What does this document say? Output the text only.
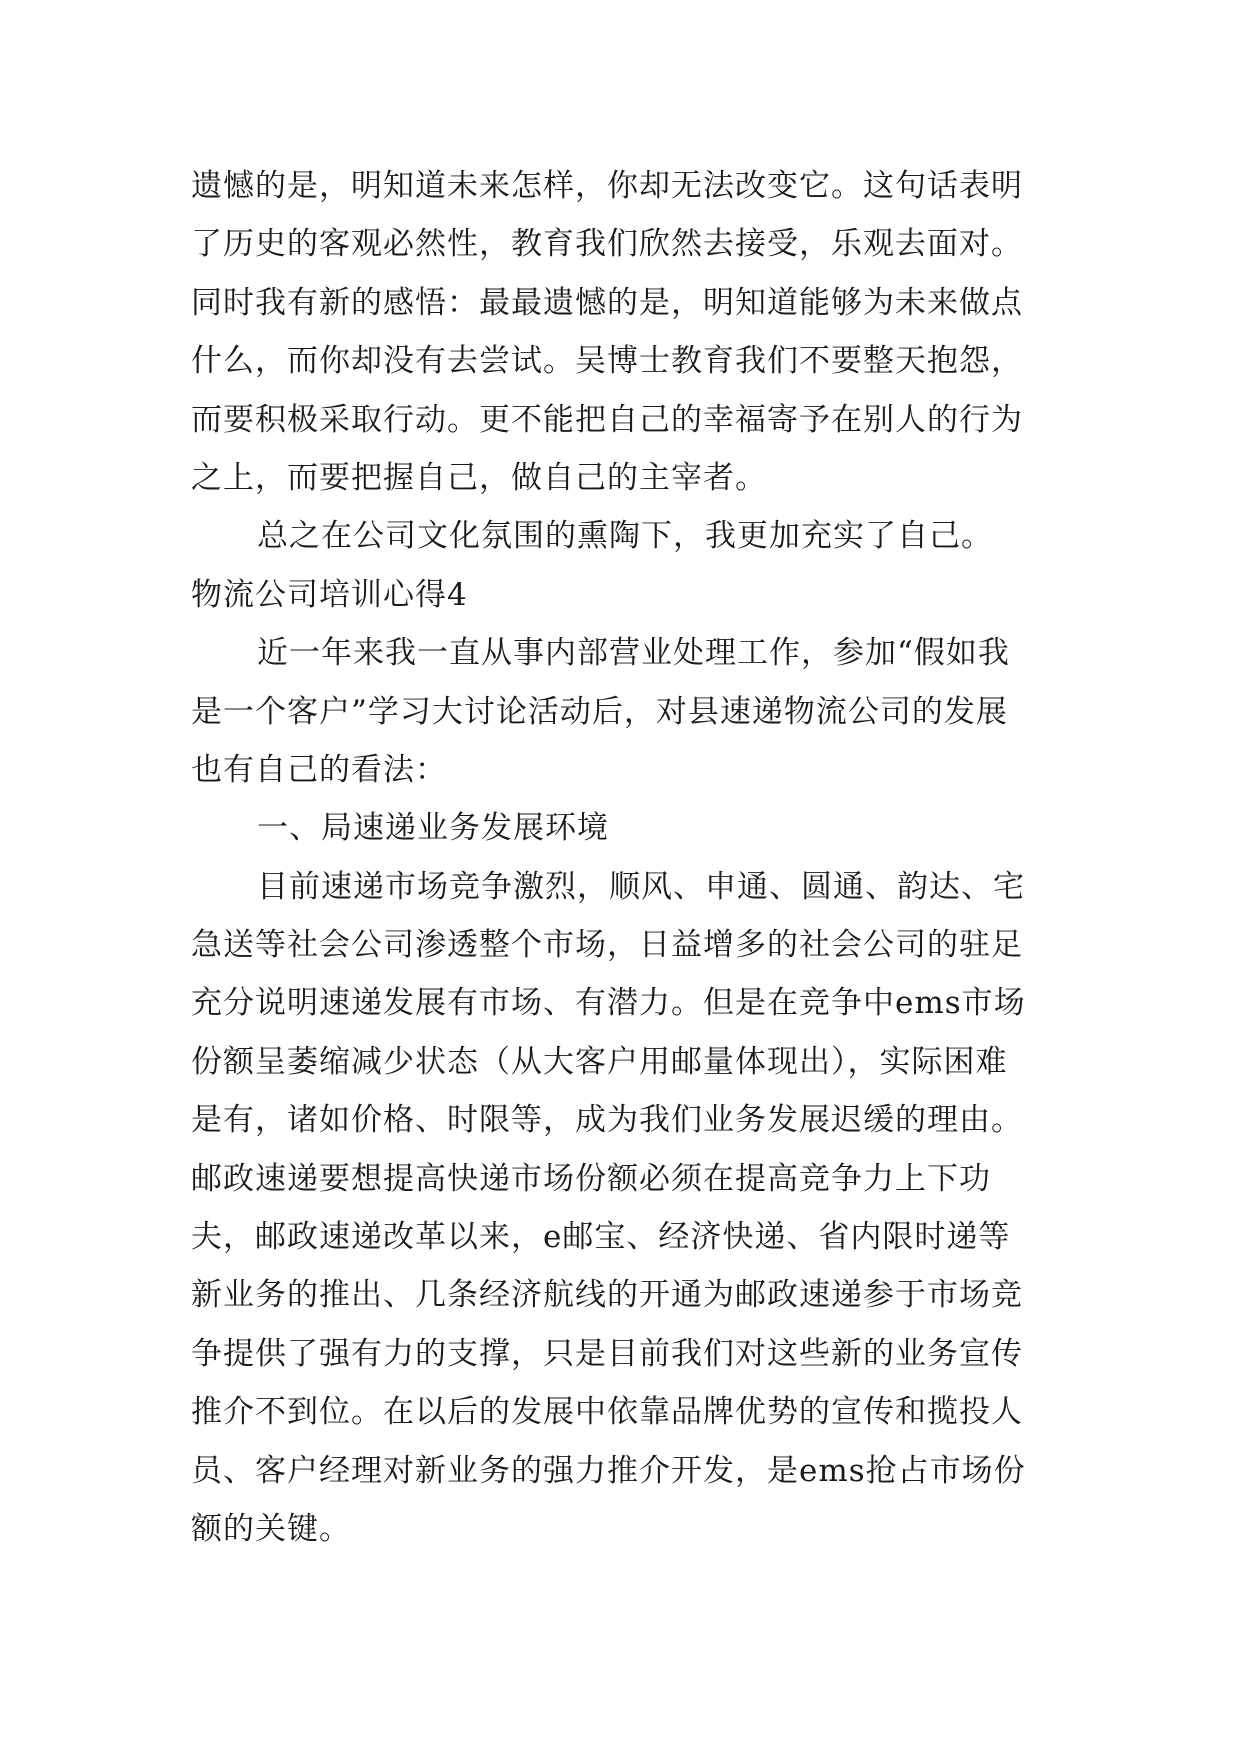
遗憾的是，明知道未来怎样，你却无法改变它。这句话表明
了历史的客观必然性，教育我们欣然去接受，乐观去面对。
同时我有新的感悟：最最遗憾的是，明知道能够为未来做点
什么，而你却没有去尝试。吴博士教育我们不要整天抱怨，
而要积极采取行动。更不能把自己的幸福寄予在别人的行为
之上，而要把握自己，做自己的主宰者。
总之在公司文化氛围的熏陶下，我更加充实了自己。
物流公司培训心得4
近一年来我一直从事内部营业处理工作，参加“假如我
是一个客户”学习大讨论活动后，对县速递物流公司的发展
也有自己的看法：
一、局速递业务发展环境
目前速递市场竞争激烈，顺风、申通、圆通、韵达、宅
急送等社会公司渗透整个市场，日益增多的社会公司的驻足
充分说明速递发展有市场、有潜力。但是在竞争中ems市场
份额呈萎缩减少状态（从大客户用邮量体现出），实际困难
是有，诸如价格、时限等，成为我们业务发展迟缓的理由。
邮政速递要想提高快递市场份额必须在提高竞争力上下功
夫，邮政速递改革以来，e邮宝、经济快递、省内限时递等
新业务的推出、几条经济航线的开通为邮政速递参于市场竞
争提供了强有力的支撑，只是目前我们对这些新的业务宣传
推介不到位。在以后的发展中依靠品牌优势的宣传和揽投人
员、客户经理对新业务的强力推介开发，是ems抢占市场份
额的关键。
